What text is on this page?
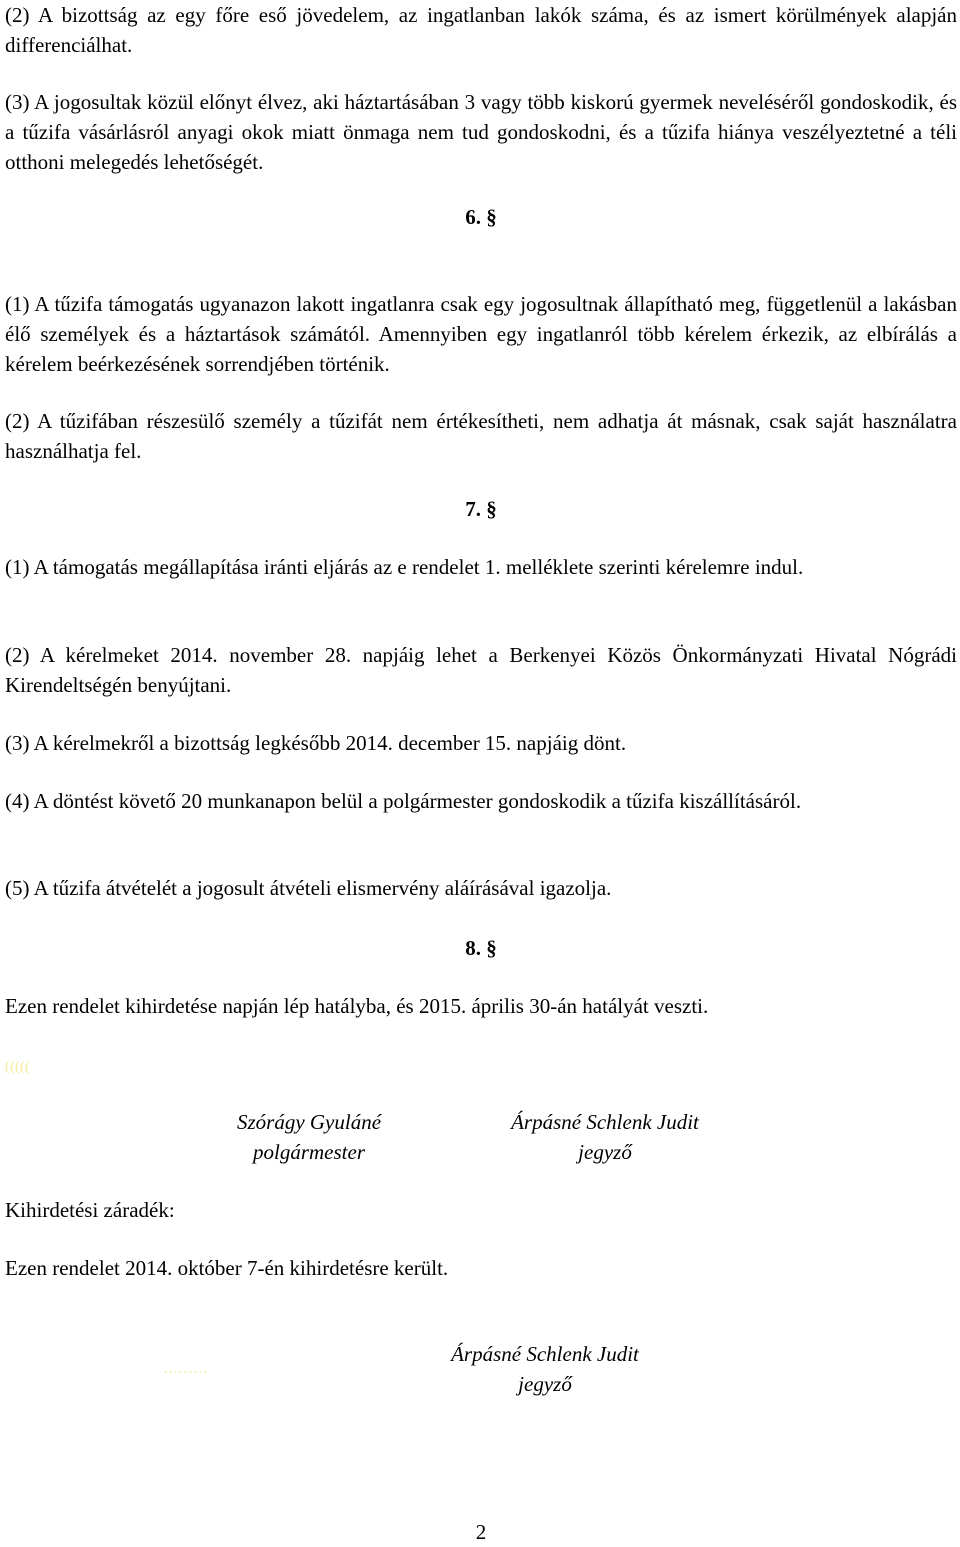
(2) A bizottság az egy főre eső jövedelem, az ingatlanban lakók száma, és az ismert körülmények alapján differenciálhat.

(3) A jogosultak közül előnyt élvez, aki háztartásában 3 vagy több kiskorú gyermek neveléséről gondoskodik, és a tűzifa vásárlásról anyagi okok miatt önmaga nem tud gondoskodni, és a tűzifa hiánya veszélyeztetné a téli otthoni melegedés lehetőségét.

6. §

(1) A tűzifa támogatás ugyanazon lakott ingatlanra csak egy jogosultnak állapítható meg, függetlenül a lakásban élő személyek és a háztartások számától. Amennyiben egy ingatlanról több kérelem érkezik, az elbírálás a kérelem beérkezésének sorrendjében történik.

(2) A tűzifában részesülő személy a tűzifát nem értékesítheti, nem adhatja át másnak, csak saját használatra használhatja fel.

7. §

(1) A támogatás megállapítása iránti eljárás az e rendelet 1. melléklete szerinti kérelemre indul.

(2) A kérelmeket 2014. november 28. napjáig lehet a Berkenyei Közös Önkormányzati Hivatal Nógrádi Kirendeltségén benyújtani.

(3) A kérelmekről a bizottság legkésőbb 2014. december 15. napjáig dönt.

(4) A döntést követő 20 munkanapon belül a polgármester gondoskodik a tűzifa kiszállításáról.

(5) A tűzifa átvételét a jogosult átvételi elismervény aláírásával igazolja.

8. §

Ezen rendelet kihirdetése napján lép hatályba, és 2015. április 30-án hatályát veszti.

(((((
Szórágy Gyuláné
polgármester
Árpásné Schlenk Judit
jegyző

Kihirdetési záradék:

Ezen rendelet 2014. október 7-én kihirdetésre került.

………
Árpásné Schlenk Judit
jegyző
2
